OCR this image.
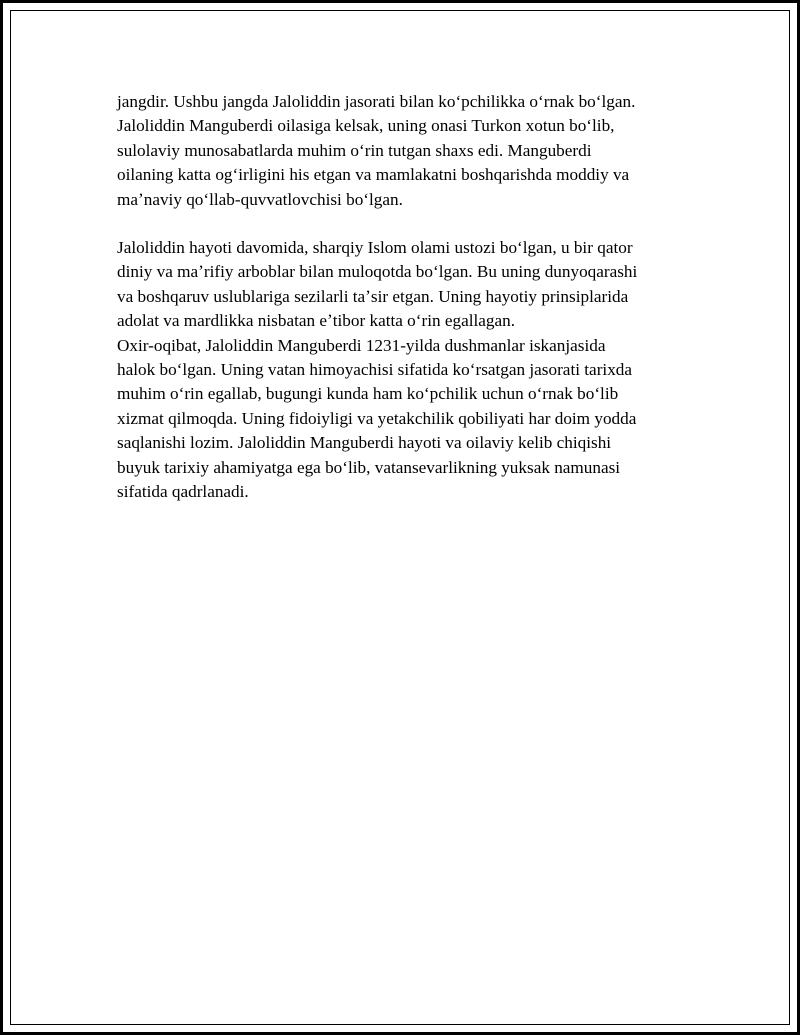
jangdir. Ushbu jangda Jaloliddin jasorati bilan koʻpchilikka oʻrnak boʻlgan.
Jaloliddin Manguberdi oilasiga kelsak, uning onasi Turkon xotun boʻlib,
sulolaviy munosabatlarda muhim oʻrin tutgan shaxs edi. Manguberdi
oilaning katta ogʻirligini his etgan va mamlakatni boshqarishda moddiy va
maʼnaviy qoʻllab-quvvatlovchisi boʻlgan.
Jaloliddin hayoti davomida, sharqiy Islom olami ustozi boʻlgan, u bir qator
diniy va maʼrifiy arboblar bilan muloqotda boʻlgan. Bu uning dunyoqarashi
va boshqaruv uslublariga sezilarli taʼsir etgan. Uning hayotiy prinsiplarida
adolat va mardlikka nisbatan eʼtibor katta oʻrin egallagan.
Oxir-oqibat, Jaloliddin Manguberdi 1231-yilda dushmanlar iskanjasida
halok boʻlgan. Uning vatan himoyachisi sifatida koʻrsatgan jasorati tarixda
muhim oʻrin egallab, bugungi kunda ham koʻpchilik uchun oʻrnak boʻlib
xizmat qilmoqda. Uning fidoiyligi va yetakchilik qobiliyati har doim yodda
saqlanishi lozim. Jaloliddin Manguberdi hayoti va oilaviy kelib chiqishi
buyuk tarixiy ahamiyatga ega boʻlib, vatansevarlikning yuksak namunasi
sifatida qadrlanadi.
